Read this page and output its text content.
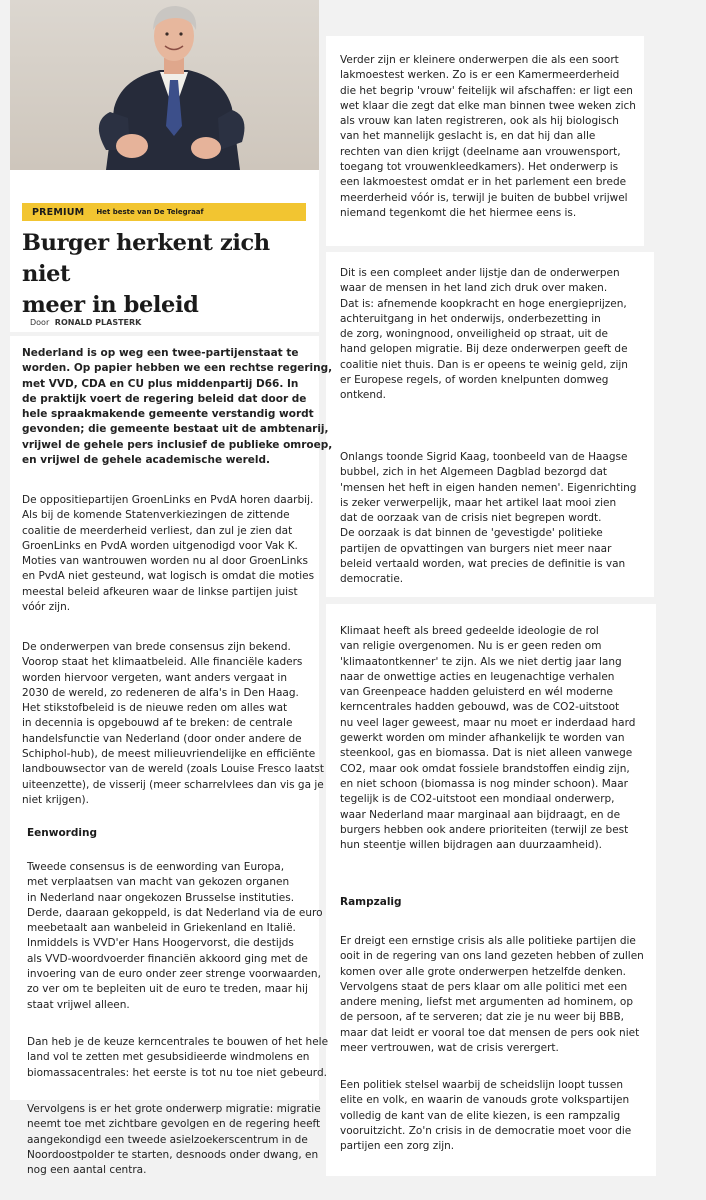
PREMIUM Het beste van De Telegraaf
Burger herkent zich niet
meer in beleid
Door RONALD PLASTERK

Nederland is op weg een twee-partijenstaat te
worden. Op papier hebben we een rechtse regering,
met VVD, CDA en CU plus middenpartij D66. In
de praktijk voert de regering beleid dat door de
hele spraakmakende gemeente verstandig wordt
gevonden; die gemeente bestaat uit de ambtenarij,
vrijwel de gehele pers inclusief de publieke omroep,
en vrijwel de gehele academische wereld.

De oppositiepartijen GroenLinks en PvdA horen daarbij.
Als bij de komende Statenverkiezingen de zittende
coalitie de meerderheid verliest, dan zul je zien dat
GroenLinks en PvdA worden uitgenodigd voor Vak K.
Moties van wantrouwen worden nu al door GroenLinks
en PvdA niet gesteund, wat logisch is omdat die moties
meestal beleid afkeuren waar de linkse partijen juist
vóór zijn.

De onderwerpen van brede consensus zijn bekend.
Voorop staat het klimaatbeleid. Alle financiële kaders
worden hiervoor vergeten, want anders vergaat in
2030 de wereld, zo redeneren de alfa's in Den Haag.
Het stikstofbeleid is de nieuwe reden om alles wat
in decennia is opgebouwd af te breken: de centrale
handelsfunctie van Nederland (door onder andere de
Schiphol-hub), de meest milieuvriendelijke en efficiënte
landbouwsector van de wereld (zoals Louise Fresco laatst
uiteenzette), de visserij (meer scharrelvlees dan vis ga je
niet krijgen).

Eenwording

Tweede consensus is de eenwording van Europa,
met verplaatsen van macht van gekozen organen
in Nederland naar ongekozen Brusselse instituties.
Derde, daaraan gekoppeld, is dat Nederland via de euro
meebetaalt aan wanbeleid in Griekenland en Italië.
Inmiddels is VVD'er Hans Hoogervorst, die destijds
als VVD-woordvoerder financiën akkoord ging met de
invoering van de euro onder zeer strenge voorwaarden,
zo ver om te bepleiten uit de euro te treden, maar hij
staat vrijwel alleen.

Dan heb je de keuze kerncentrales te bouwen of het hele
land vol te zetten met gesubsidieerde windmolens en
biomassacentrales: het eerste is tot nu toe niet gebeurd.

Vervolgens is er het grote onderwerp migratie: migratie
neemt toe met zichtbare gevolgen en de regering heeft
aangekondigd een tweede asielzoekerscentrum in de
Noordoostpolder te starten, desnoods onder dwang, en
nog een aantal centra.

Verder zijn er kleinere onderwerpen die als een soort
lakmoestest werken. Zo is er een Kamermeerderheid
die het begrip 'vrouw' feitelijk wil afschaffen: er ligt een
wet klaar die zegt dat elke man binnen twee weken zich
als vrouw kan laten registreren, ook als hij biologisch
van het mannelijk geslacht is, en dat hij dan alle
rechten van dien krijgt (deelname aan vrouwensport,
toegang tot vrouwenkleedkamers). Het onderwerp is
een lakmoestest omdat er in het parlement een brede
meerderheid vóór is, terwijl je buiten de bubbel vrijwel
niemand tegenkomt die het hiermee eens is.

Dit is een compleet ander lijstje dan de onderwerpen
waar de mensen in het land zich druk over maken.
Dat is: afnemende koopkracht en hoge energieprijzen,
achteruitgang in het onderwijs, onderbezetting in
de zorg, woningnood, onveiligheid op straat, uit de
hand gelopen migratie. Bij deze onderwerpen geeft de
coalitie niet thuis. Dan is er opeens te weinig geld, zijn
er Europese regels, of worden knelpunten domweg
ontkend.

Onlangs toonde Sigrid Kaag, toonbeeld van de Haagse
bubbel, zich in het Algemeen Dagblad bezorgd dat
'mensen het heft in eigen handen nemen'. Eigenrichting
is zeker verwerpelijk, maar het artikel laat mooi zien
dat de oorzaak van de crisis niet begrepen wordt.
De oorzaak is dat binnen de 'gevestigde' politieke
partijen de opvattingen van burgers niet meer naar
beleid vertaald worden, wat precies de definitie is van
democratie.

Klimaat heeft als breed gedeelde ideologie de rol
van religie overgenomen. Nu is er geen reden om
'klimaatontkenner' te zijn. Als we niet dertig jaar lang
naar de onwettige acties en leugenachtige verhalen
van Greenpeace hadden geluisterd en wél moderne
kerncentrales hadden gebouwd, was de CO2-uitstoot
nu veel lager geweest, maar nu moet er inderdaad hard
gewerkt worden om minder afhankelijk te worden van
steenkool, gas en biomassa. Dat is niet alleen vanwege
CO2, maar ook omdat fossiele brandstoffen eindig zijn,
en niet schoon (biomassa is nog minder schoon). Maar
tegelijk is de CO2-uitstoot een mondiaal onderwerp,
waar Nederland maar marginaal aan bijdraagt, en de
burgers hebben ook andere prioriteiten (terwijl ze best
hun steentje willen bijdragen aan duurzaamheid).

Rampzalig

Er dreigt een ernstige crisis als alle politieke partijen die
ooit in de regering van ons land gezeten hebben of zullen
komen over alle grote onderwerpen hetzelfde denken.
Vervolgens staat de pers klaar om alle politici met een
andere mening, liefst met argumenten ad hominem, op
de persoon, af te serveren; dat zie je nu weer bij BBB,
maar dat leidt er vooral toe dat mensen de pers ook niet
meer vertrouwen, wat de crisis verergert.

Een politiek stelsel waarbij de scheidslijn loopt tussen
elite en volk, en waarin de vanouds grote volkspartijen
volledig de kant van de elite kiezen, is een rampzalig
vooruitzicht. Zo'n crisis in de democratie moet voor die
partijen een zorg zijn.
